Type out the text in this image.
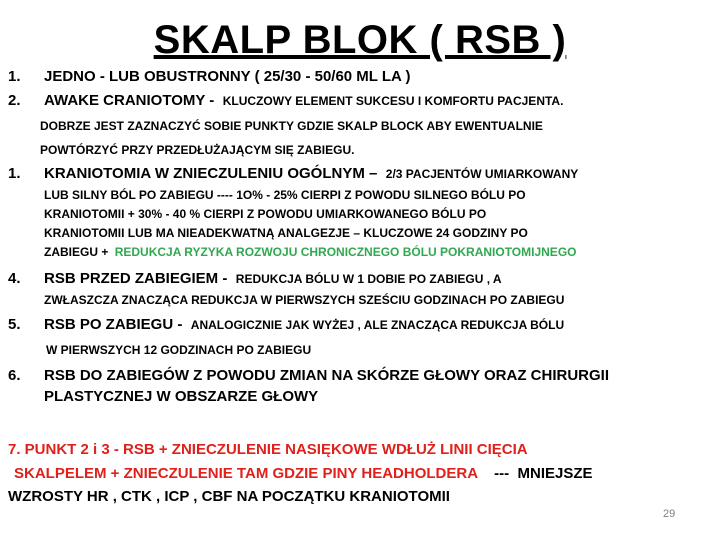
SKALP BLOK ( RSB )
1. JEDNO - LUB OBUSTRONNY ( 25/30 - 50/60 ML LA )
2. AWAKE CRANIOTOMY - KLUCZOWY ELEMENT SUKCESU I KOMFORTU PACJENTA.
DOBRZE JEST ZAZNACZYĆ SOBIE PUNKTY GDZIE SKALP BLOCK ABY EWENTUALNIE
POWTÓRZYĆ PRZY PRZEDŁUŻAJĄCYM SIĘ ZABIEGU.
1. KRANIOTOMIA W ZNIECZULENIU OGÓLNYM – 2/3 PACJENTÓW UMIARKOWANY
LUB SILNY BÓL PO ZABIEGU ---- 1O% - 25% CIERPI Z POWODU SILNEGO BÓLU PO
KRANIOTOMII + 30% - 40 % CIERPI Z POWODU UMIARKOWANEGO BÓLU PO
KRANIOTOMII LUB MA NIEADEKWATNĄ ANALGEZJE – KLUCZOWE 24 GODZINY PO
ZABIEGU + REDUKCJA RYZYKA ROZWOJU CHRONICZNEGO BÓLU POKRANIOTOMIJNEGO
4. RSB PRZED ZABIEGIEM - REDUKCJA BÓLU W 1 DOBIE PO ZABIEGU , A
ZWŁASZCZA ZNACZĄCA REDUKCJA W PIERWSZYCH SZEŚCIU GODZINACH PO ZABIEGU
5. RSB PO ZABIEGU - ANALOGICZNIE JAK WYŻEJ , ALE ZNACZĄCA REDUKCJA BÓLU
W PIERWSZYCH 12 GODZINACH PO ZABIEGU
6. RSB DO ZABIEGÓW Z POWODU ZMIAN NA SKÓRZE GŁOWY ORAZ CHIRURGII
PLASTYCZNEJ W OBSZARZE GŁOWY
7. PUNKT 2 i 3 - RSB + ZNIECZULENIE NASIĘKOWE WDŁUŻ LINII CIĘCIA
SKALPELEM + ZNIECZULENIE TAM GDZIE PINY HEADHOLDERA    ---  MNIEJSZE
WZROSTY HR , CTK , ICP , CBF NA POCZĄTKU KRANIOTOMII
29
